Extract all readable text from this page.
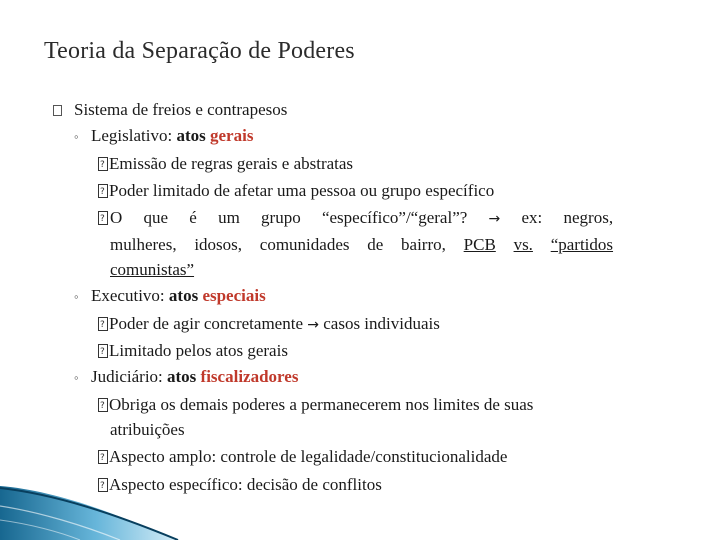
Teoria da Separação de Poderes
Sistema de freios e contrapesos
◦ Legislativo: atos gerais
?Emissão de regras gerais e abstratas
?Poder limitado de afetar uma pessoa ou grupo específico
?
O que é um grupo “específico”/“geral”? → ex: negros,
mulheres, idosos, comunidades de bairro, PCB vs. “partidos
comunistas”
◦ Executivo: atos especiais
?Poder de agir concretamente → casos individuais
?Limitado pelos atos gerais
◦ Judiciário: atos fiscalizadores
?Obriga os demais poderes a permanecerem nos limites de suas
atribuições
?Aspecto amplo: controle de legalidade/constitucionalidade
?Aspecto específico: decisão de conflitos
